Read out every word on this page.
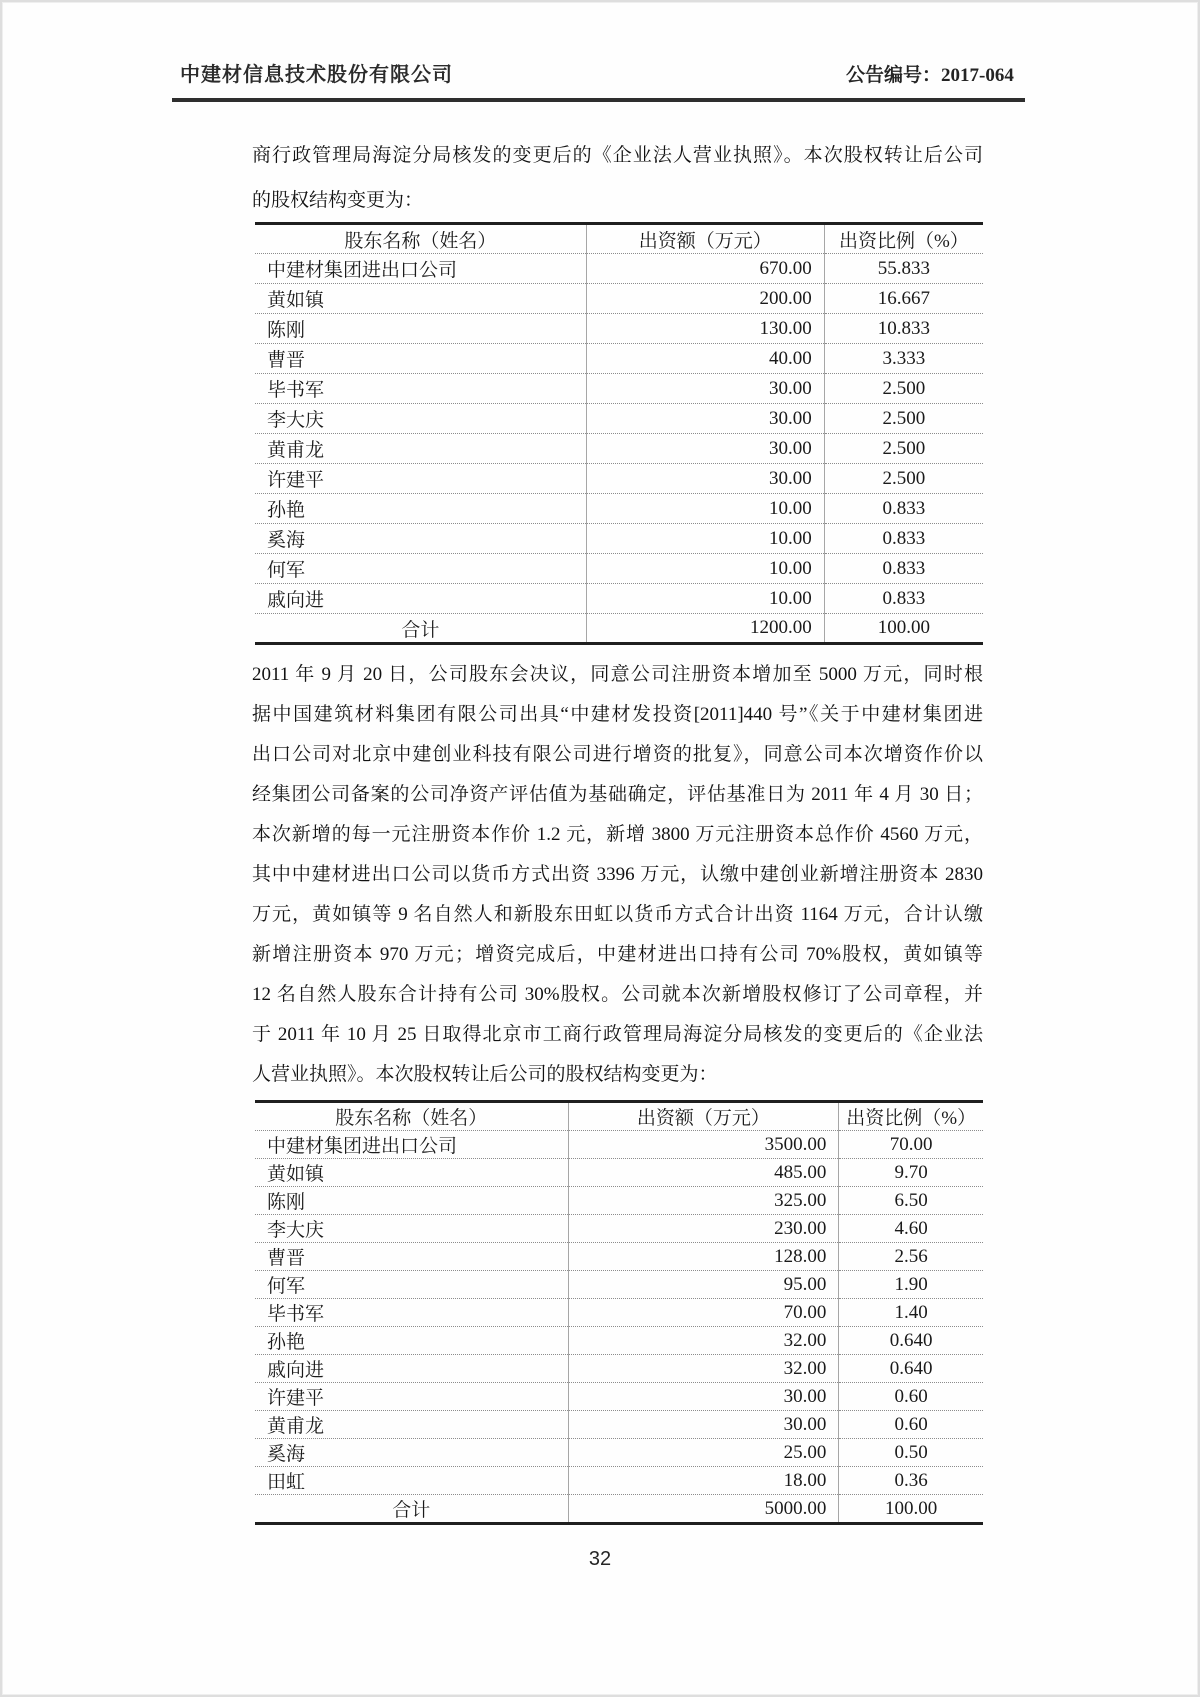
中建材信息技术股份有限公司	公告编号：2017-064
商行政管理局海淀分局核发的变更后的《企业法人营业执照》。本次股权转让后公司
的股权结构变更为：
股东名称（姓名）	出资额（万元）	出资比例（%）
中建材集团进出口公司	670.00	55.833
黄如镇	200.00	16.667
陈刚	130.00	10.833
曹晋	40.00	3.333
毕书军	30.00	2.500
李大庆	30.00	2.500
黄甫龙	30.00	2.500
许建平	30.00	2.500
孙艳	10.00	0.833
奚海	10.00	0.833
何军	10.00	0.833
戚向进	10.00	0.833
合计	1200.00	100.00
2011 年 9 月 20 日，公司股东会决议，同意公司注册资本增加至 5000 万元，同时根
据中国建筑材料集团有限公司出具“中建材发投资[2011]440 号”《关于中建材集团进
出口公司对北京中建创业科技有限公司进行增资的批复》，同意公司本次增资作价以
经集团公司备案的公司净资产评估值为基础确定，评估基准日为 2011 年 4 月 30 日；
本次新增的每一元注册资本作价 1.2 元，新增 3800 万元注册资本总作价 4560 万元，
其中中建材进出口公司以货币方式出资 3396 万元，认缴中建创业新增注册资本 2830
万元，黄如镇等 9 名自然人和新股东田虹以货币方式合计出资 1164 万元，合计认缴
新增注册资本 970 万元；增资完成后，中建材进出口持有公司 70%股权，黄如镇等
12 名自然人股东合计持有公司 30%股权。公司就本次新增股权修订了公司章程，并
于 2011 年 10 月 25 日取得北京市工商行政管理局海淀分局核发的变更后的《企业法
人营业执照》。本次股权转让后公司的股权结构变更为：
股东名称（姓名）	出资额（万元）	出资比例（%）
中建材集团进出口公司	3500.00	70.00
黄如镇	485.00	9.70
陈刚	325.00	6.50
李大庆	230.00	4.60
曹晋	128.00	2.56
何军	95.00	1.90
毕书军	70.00	1.40
孙艳	32.00	0.640
戚向进	32.00	0.640
许建平	30.00	0.60
黄甫龙	30.00	0.60
奚海	25.00	0.50
田虹	18.00	0.36
合计	5000.00	100.00
32
